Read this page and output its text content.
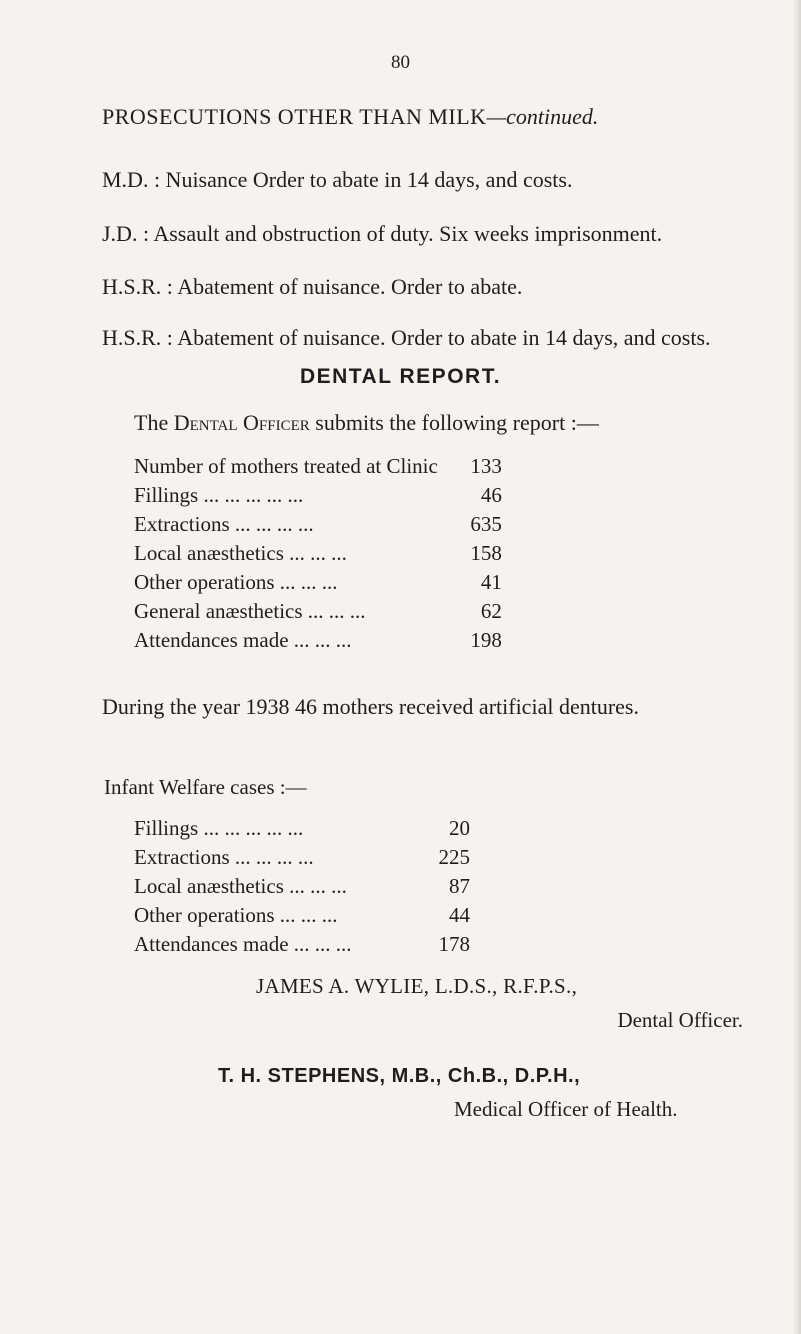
80
PROSECUTIONS OTHER THAN MILK—continued.
M.D. : Nuisance Order to abate in 14 days, and costs.
J.D. : Assault and obstruction of duty. Six weeks imprisonment.
H.S.R. : Abatement of nuisance. Order to abate.
H.S.R. : Abatement of nuisance. Order to abate in 14 days, and costs.
DENTAL REPORT.
The Dental Officer submits the following report :—
Number of mothers treated at Clinic	133
Fillings ... ... ... ... ...	46
Extractions ... ... ... ...	635
Local anæsthetics ... ... ...	158
Other operations ... ... ...	41
General anæsthetics ... ... ...	62
Attendances made ... ... ...	198
During the year 1938 46 mothers received artificial dentures.
Infant Welfare cases :—
Fillings ... ... ... ... ...	20
Extractions ... ... ... ...	225
Local anæsthetics ... ... ...	87
Other operations ... ... ...	44
Attendances made ... ... ...	178
JAMES A. WYLIE, L.D.S., R.F.P.S.,
Dental Officer.
T. H. STEPHENS, M.B., Ch.B., D.P.H.,
Medical Officer of Health.
